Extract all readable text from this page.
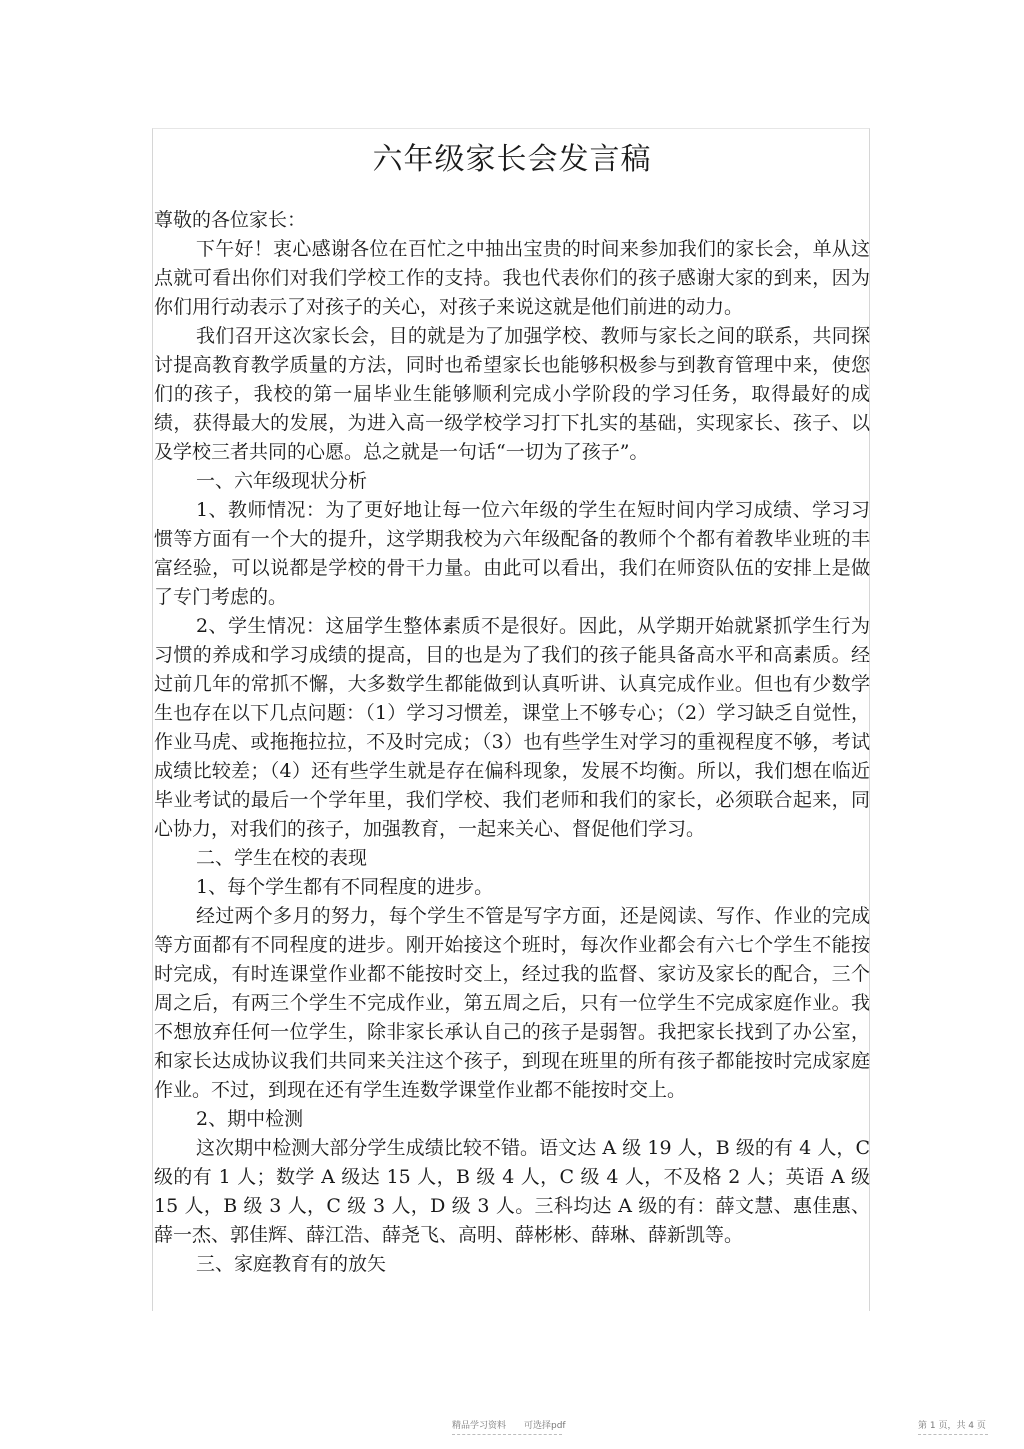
六年级家长会发言稿

尊敬的各位家长：

下午好！衷心感谢各位在百忙之中抽出宝贵的时间来参加我们的家长会，单从这点就可看出你们对我们学校工作的支持。我也代表你们的孩子感谢大家的到来，因为你们用行动表示了对孩子的关心，对孩子来说这就是他们前进的动力。

我们召开这次家长会，目的就是为了加强学校、教师与家长之间的联系，共同探讨提高教育教学质量的方法，同时也希望家长也能够积极参与到教育管理中来，使您们的孩子，我校的第一届毕业生能够顺利完成小学阶段的学习任务，取得最好的成绩，获得最大的发展，为进入高一级学校学习打下扎实的基础，实现家长、孩子、以及学校三者共同的心愿。总之就是一句话“一切为了孩子”。

一、六年级现状分析

1、教师情况：为了更好地让每一位六年级的学生在短时间内学习成绩、学习习惯等方面有一个大的提升，这学期我校为六年级配备的教师个个都有着教毕业班的丰富经验，可以说都是学校的骨干力量。由此可以看出，我们在师资队伍的安排上是做了专门考虑的。

2、学生情况：这届学生整体素质不是很好。因此，从学期开始就紧抓学生行为习惯的养成和学习成绩的提高，目的也是为了我们的孩子能具备高水平和高素质。经过前几年的常抓不懈，大多数学生都能做到认真听讲、认真完成作业。但也有少数学生也存在以下几点问题：（1）学习习惯差，课堂上不够专心；（2）学习缺乏自觉性，作业马虎、或拖拖拉拉，不及时完成；（3）也有些学生对学习的重视程度不够，考试成绩比较差；（4）还有些学生就是存在偏科现象，发展不均衡。所以，我们想在临近毕业考试的最后一个学年里，我们学校、我们老师和我们的家长，必须联合起来，同心协力，对我们的孩子，加强教育，一起来关心、督促他们学习。

二、学生在校的表现

1、每个学生都有不同程度的进步。

经过两个多月的努力，每个学生不管是写字方面，还是阅读、写作、作业的完成等方面都有不同程度的进步。刚开始接这个班时，每次作业都会有六七个学生不能按时完成，有时连课堂作业都不能按时交上，经过我的监督、家访及家长的配合，三个周之后，有两三个学生不完成作业，第五周之后，只有一位学生不完成家庭作业。我不想放弃任何一位学生，除非家长承认自己的孩子是弱智。我把家长找到了办公室，和家长达成协议我们共同来关注这个孩子，到现在班里的所有孩子都能按时完成家庭作业。不过，到现在还有学生连数学课堂作业都不能按时交上。

2、期中检测

这次期中检测大部分学生成绩比较不错。语文达 A 级 19 人，B 级的有 4 人，C 级的有 1 人；数学 A 级达 15 人，B 级 4 人，C 级 4 人，不及格 2 人；英语 A 级 15 人，B 级 3 人，C 级 3 人，D 级 3 人。三科均达 A 级的有：薛文慧、惠佳惠、薛一杰、郭佳辉、薛江浩、薛尧飞、高明、薛彬彬、薛琳、薛新凯等。

三、家庭教育有的放矢

精品学习资料　　可选择pdf	第 1 页，共 4 页
